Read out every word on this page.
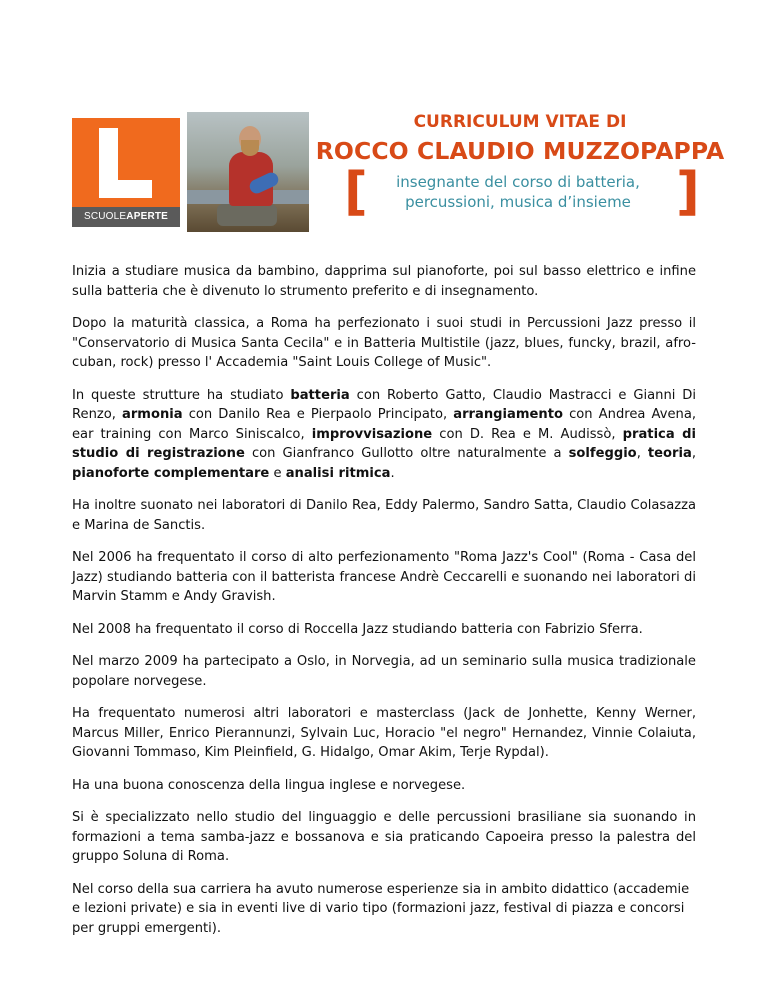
SCUOLEAPERTE
CURRICULUM VITAE DI
ROCCO CLAUDIO MUZZOPAPPA
[	insegnante del corso di batteria,
percussioni, musica d’insieme ]

Inizia a studiare musica da bambino, dapprima sul pianoforte, poi sul basso elettrico e infine sulla batteria che è divenuto lo strumento preferito e di insegnamento.

Dopo la maturità classica, a Roma ha perfezionato i suoi studi in Percussioni Jazz presso il "Conservatorio di Musica Santa Cecila" e in Batteria Multistile (jazz, blues, funcky, brazil, afro-cuban, rock) presso l' Accademia "Saint Louis College of Music".

In queste strutture ha studiato batteria con Roberto Gatto, Claudio Mastracci e Gianni Di Renzo, armonia con Danilo Rea e Pierpaolo Principato, arrangiamento con Andrea Avena, ear training con Marco Siniscalco, improvvisazione con D. Rea e M. Audissò, pratica di studio di registrazione con Gianfranco Gullotto oltre naturalmente a solfeggio, teoria, pianoforte complementare e analisi ritmica.

Ha inoltre suonato nei laboratori di Danilo Rea, Eddy Palermo, Sandro Satta, Claudio Colasazza e Marina de Sanctis.

Nel 2006 ha frequentato il corso di alto perfezionamento "Roma Jazz's Cool" (Roma - Casa del Jazz) studiando batteria con il batterista francese Andrè Ceccarelli e suonando nei laboratori di Marvin Stamm e Andy Gravish.

Nel 2008 ha frequentato il corso di Roccella Jazz studiando batteria con Fabrizio Sferra.

Nel marzo 2009 ha partecipato a Oslo, in Norvegia, ad un seminario sulla musica tradizionale popolare norvegese.

Ha frequentato numerosi altri laboratori e masterclass (Jack de Jonhette, Kenny Werner, Marcus Miller, Enrico Pierannunzi, Sylvain Luc, Horacio "el negro" Hernandez, Vinnie Colaiuta, Giovanni Tommaso, Kim Pleinfield, G. Hidalgo, Omar Akim, Terje Rypdal).

Ha una buona conoscenza della lingua inglese e norvegese.

Si è specializzato nello studio del linguaggio e delle percussioni brasiliane sia suonando in formazioni a tema samba-jazz e bossanova e sia praticando Capoeira presso la palestra del gruppo Soluna di Roma.

Nel corso della sua carriera ha avuto numerose esperienze sia in ambito didattico (accademie e lezioni private) e sia in eventi live di vario tipo (formazioni jazz, festival di piazza e concorsi per gruppi emergenti).
